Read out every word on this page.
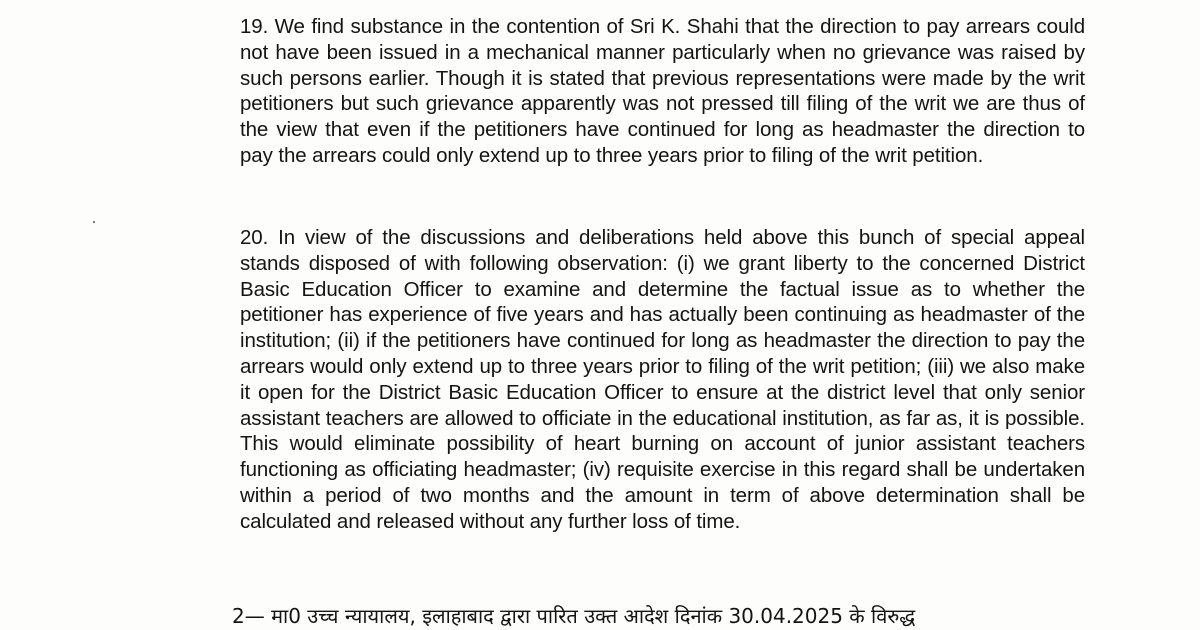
19. We find substance in the contention of Sri K. Shahi that the direction to pay arrears could not have been issued in a mechanical manner particularly when no grievance was raised by such persons earlier. Though it is stated that previous representations were made by the writ petitioners but such grievance apparently was not pressed till filing of the writ we are thus of the view that even if the petitioners have continued for long as headmaster the direction to pay the arrears could only extend up to three years prior to filing of the writ petition.

20. In view of the discussions and deliberations held above this bunch of special appeal stands disposed of with following observation: (i) we grant liberty to the concerned District Basic Education Officer to examine and determine the factual issue as to whether the petitioner has experience of five years and has actually been continuing as headmaster of the institution; (ii) if the petitioners have continued for long as headmaster the direction to pay the arrears would only extend up to three years prior to filing of the writ petition; (iii) we also make it open for the District Basic Education Officer to ensure at the district level that only senior assistant teachers are allowed to officiate in the educational institution, as far as, it is possible. This would eliminate possibility of heart burning on account of junior assistant teachers functioning as officiating headmaster; (iv) requisite exercise in this regard shall be undertaken within a period of two months and the amount in term of above determination shall be calculated and released without any further loss of time.

2— मा0 उच्च न्यायालय, इलाहाबाद द्वारा पारित उक्त आदेश दिनांक 30.04.2025 के विरुद्ध
